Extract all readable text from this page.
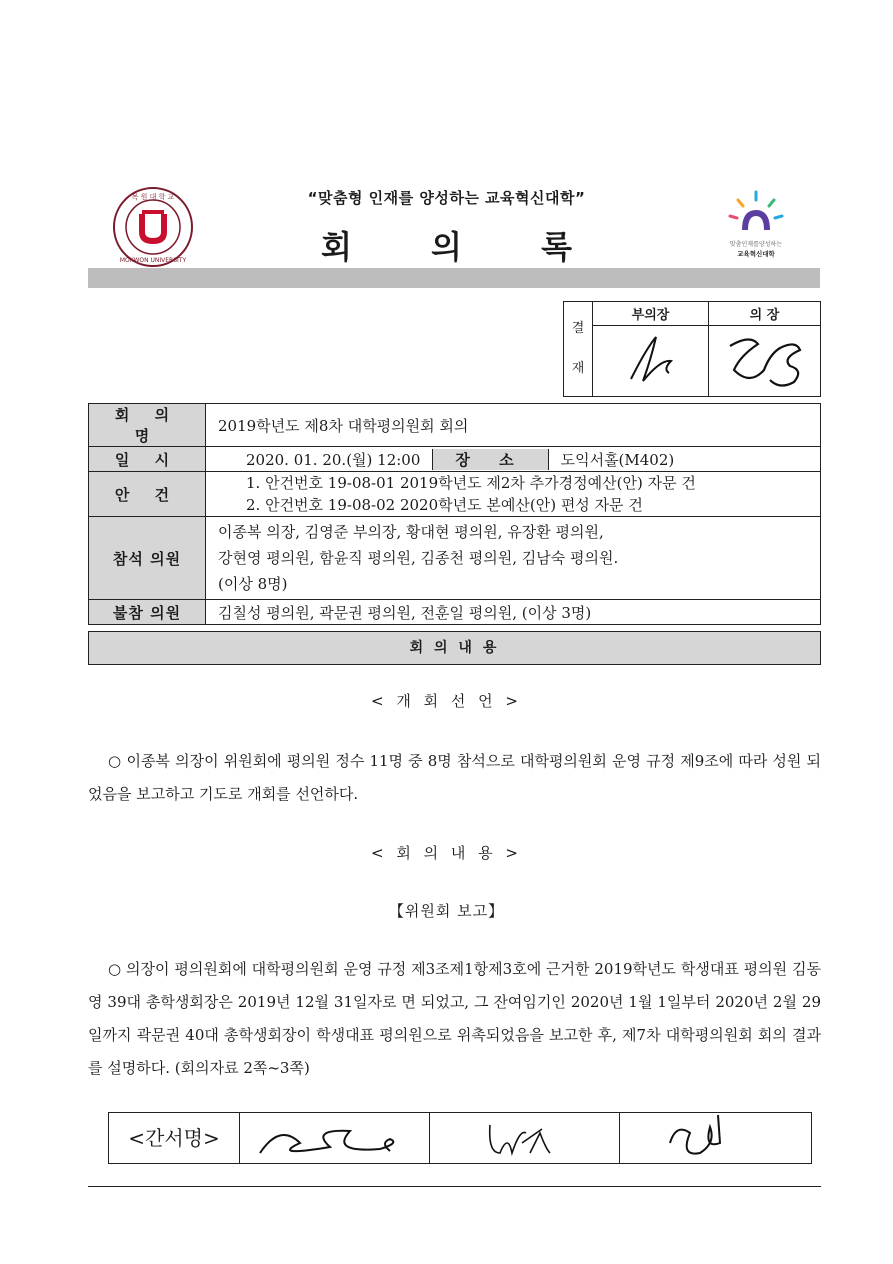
목 원 대 학 교
MOKWON UNIVERSITY
맞춤인재를양성하는
교육혁신대학
“맞춤형 인재를 양성하는 교육혁신대학”
회 의 록
결
재	부의장	의 장

회 의 명	2019학년도 제8차 대학평의원회 회의
일 시	2020. 01. 20.(월) 12:00 장 소 도익서홀(M402)
안 건	1. 안건번호 19-08-01 2019학년도 제2차 추가경정예산(안) 자문 건
2. 안건번호 19-08-02 2020학년도 본예산(안) 편성 자문 건

참석 의원	이종복 의장, 김영준 부의장, 황대현 평의원, 유장환 평의원,
강현영 평의원, 함윤직 평의원, 김종천 평의원, 김남숙 평의원.
(이상 8명)

불참 의원	김칠성 평의원, 곽문권 평의원, 전훈일 평의원, (이상 3명)
회 의 내 용
< 개 회 선 언 >
○ 이종복 의장이 위원회에 평의원 정수 11명 중 8명 참석으로 대학평의원회 운영 규정 제9조에 따라 성원 되었음을 보고하고 기도로 개회를 선언하다.
< 회 의 내 용 >
【위원회 보고】
○ 의장이 평의원회에 대학평의원회 운영 규정 제3조제1항제3호에 근거한 2019학년도 학생대표 평의원 김동영 39대 총학생회장은 2019년 12월 31일자로 면 되었고, 그 잔여임기인 2020년 1월 1일부터 2020년 2월 29일까지 곽문권 40대 총학생회장이 학생대표 평의원으로 위촉되었음을 보고한 후, 제7차 대학평의원회 회의 결과를 설명하다. (회의자료 2쪽~3쪽)
<간서명>
